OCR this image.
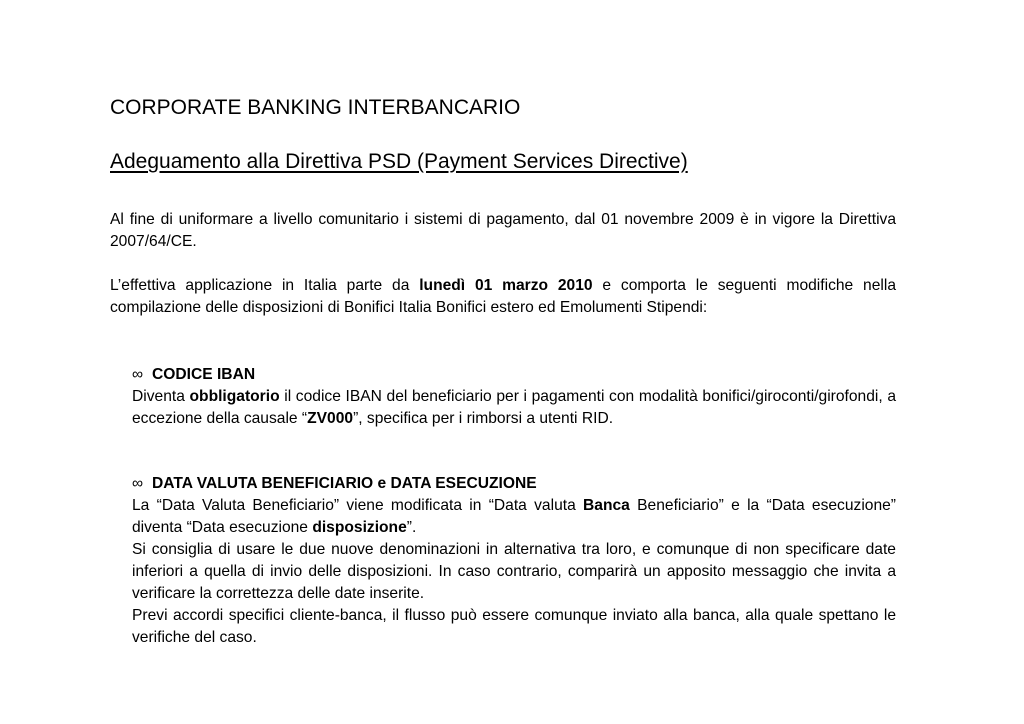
CORPORATE BANKING INTERBANCARIO
Adeguamento alla Direttiva PSD (Payment Services Directive)

Al fine di uniformare a livello comunitario i sistemi di pagamento, dal 01 novembre 2009 è in vigore la Direttiva 2007/64/CE.

L’effettiva applicazione in Italia parte da lunedì 01 marzo 2010 e comporta le seguenti modifiche nella compilazione delle disposizioni di Bonifici Italia Bonifici estero ed Emolumenti Stipendi:

∞ CODICE IBAN

Diventa obbligatorio il codice IBAN del beneficiario per i pagamenti con modalità bonifici/giroconti/girofondi, a eccezione della causale “ZV000”, specifica per i rimborsi a utenti RID.

∞ DATA VALUTA BENEFICIARIO e DATA ESECUZIONE

La “Data Valuta Beneficiario” viene modificata in “Data valuta Banca Beneficiario” e la “Data esecuzione” diventa “Data esecuzione disposizione”.

Si consiglia di usare le due nuove denominazioni in alternativa tra loro, e comunque di non specificare date inferiori a quella di invio delle disposizioni. In caso contrario, comparirà un apposito messaggio che invita a verificare la correttezza delle date inserite.

Previ accordi specifici cliente-banca, il flusso può essere comunque inviato alla banca, alla quale spettano le verifiche del caso.
